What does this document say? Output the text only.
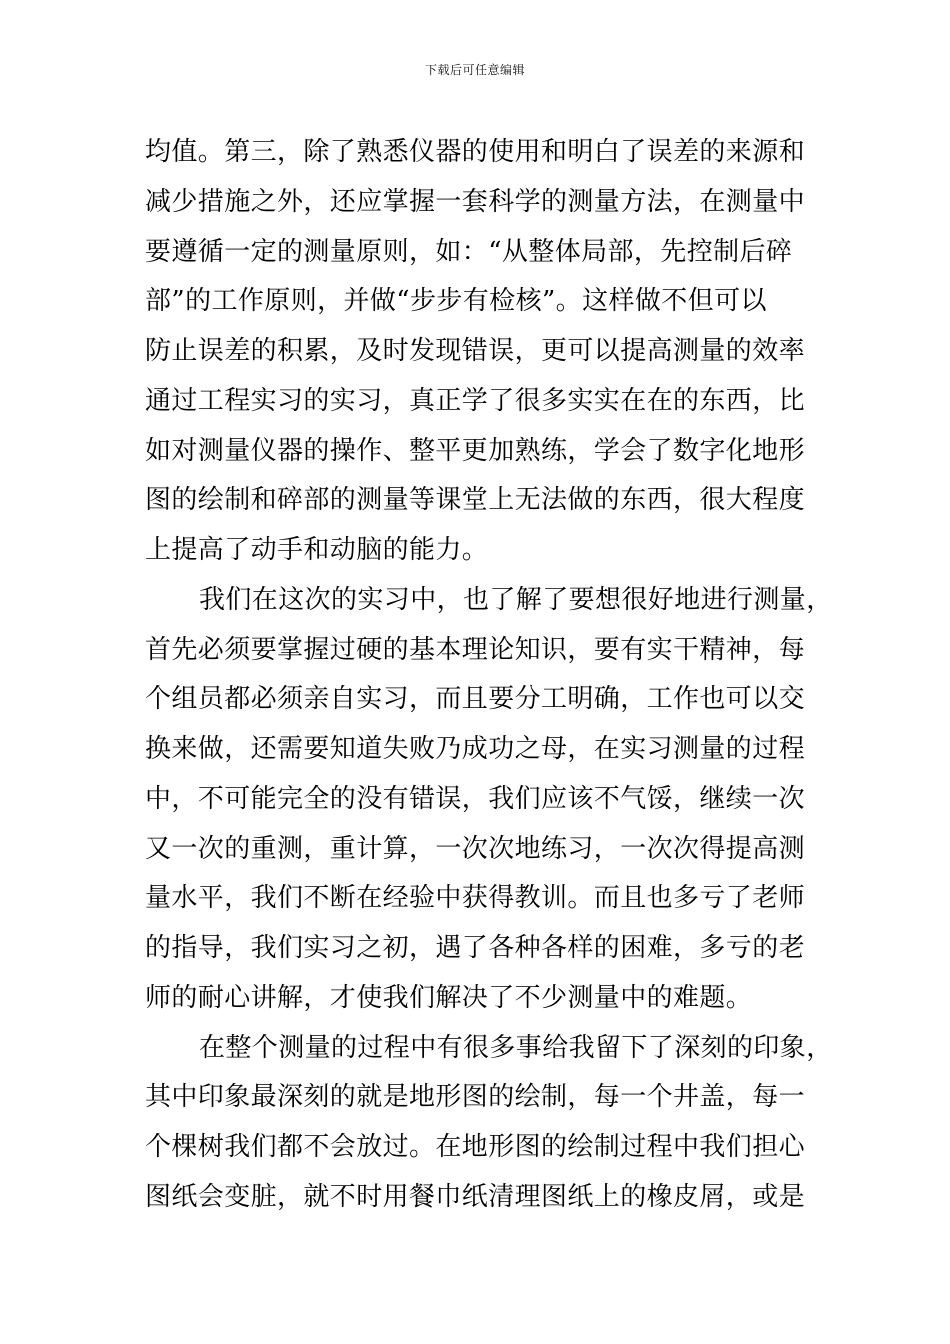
下载后可任意编辑
均值。第三，除了熟悉仪器的使用和明白了误差的来源和
减少措施之外，还应掌握一套科学的测量方法，在测量中
要遵循一定的测量原则，如：“从整体局部，先控制后碎
部”的工作原则，并做“步步有检核”。这样做不但可以
防止误差的积累，及时发现错误，更可以提高测量的效率
通过工程实习的实习，真正学了很多实实在在的东西，比
如对测量仪器的操作、整平更加熟练，学会了数字化地形
图的绘制和碎部的测量等课堂上无法做的东西，很大程度
上提高了动手和动脑的能力。
我们在这次的实习中，也了解了要想很好地进行测量，
首先必须要掌握过硬的基本理论知识，要有实干精神，每
个组员都必须亲自实习，而且要分工明确，工作也可以交
换来做，还需要知道失败乃成功之母，在实习测量的过程
中，不可能完全的没有错误，我们应该不气馁，继续一次
又一次的重测，重计算，一次次地练习，一次次得提高测
量水平，我们不断在经验中获得教训。而且也多亏了老师
的指导，我们实习之初，遇了各种各样的困难，多亏的老
师的耐心讲解，才使我们解决了不少测量中的难题。
在整个测量的过程中有很多事给我留下了深刻的印象，
其中印象最深刻的就是地形图的绘制，每一个井盖，每一
个棵树我们都不会放过。在地形图的绘制过程中我们担心
图纸会变脏，就不时用餐巾纸清理图纸上的橡皮屑，或是
